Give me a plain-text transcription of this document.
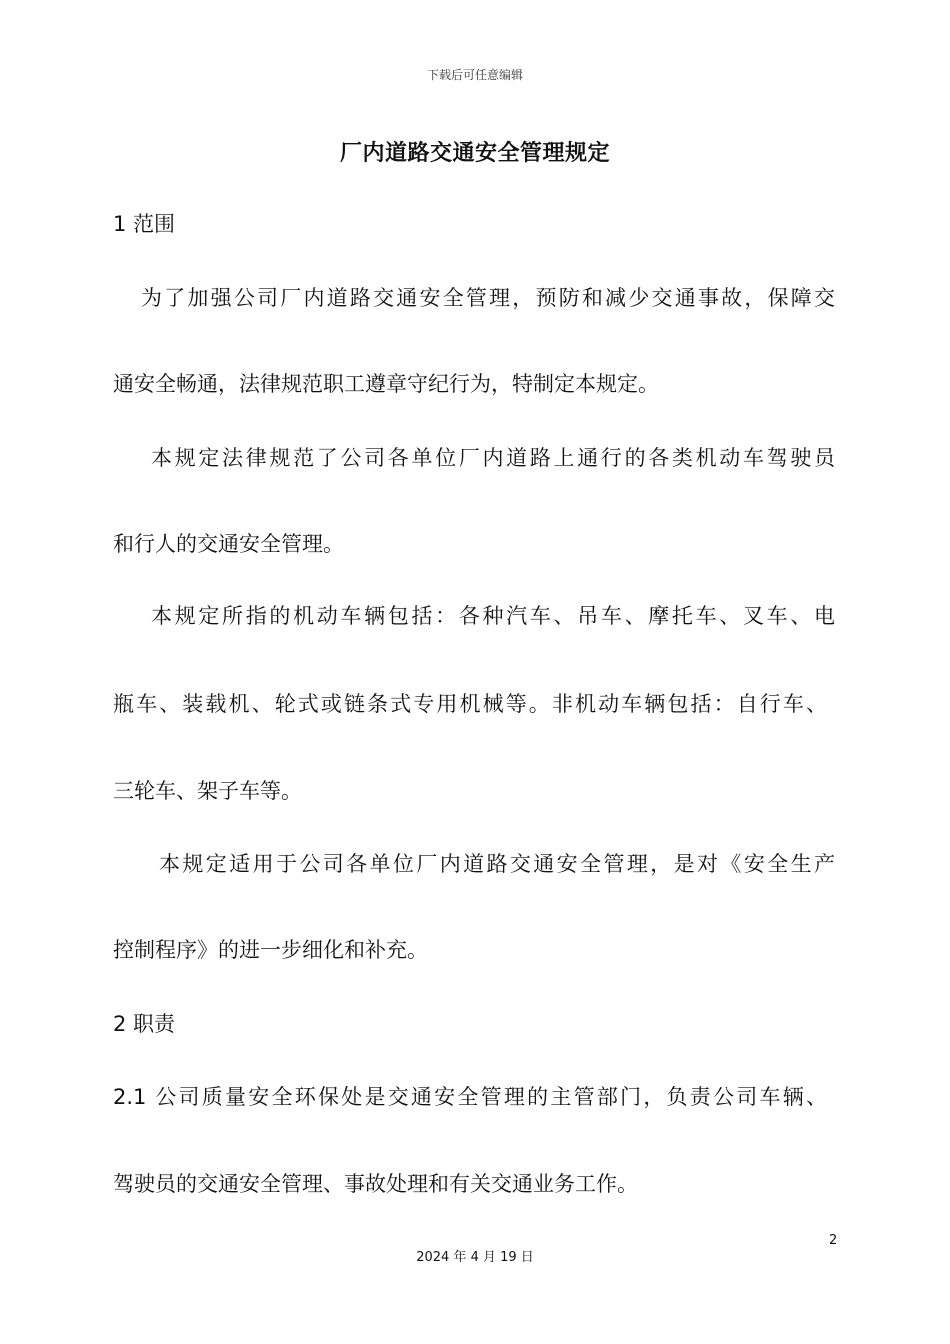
下载后可任意编辑
厂内道路交通安全管理规定
1 范围
为了加强公司厂内道路交通安全管理，预防和减少交通事故，保障交
通安全畅通，法律规范职工遵章守纪行为，特制定本规定。
本规定法律规范了公司各单位厂内道路上通行的各类机动车驾驶员
和行人的交通安全管理。
本规定所指的机动车辆包括：各种汽车、吊车、摩托车、叉车、电
瓶车、装载机、轮式或链条式专用机械等。非机动车辆包括：自行车、
三轮车、架子车等。
本规定适用于公司各单位厂内道路交通安全管理，是对《安全生产
控制程序》的进一步细化和补充。
2 职责
2.1 公司质量安全环保处是交通安全管理的主管部门，负责公司车辆、
驾驶员的交通安全管理、事故处理和有关交通业务工作。
2
2024 年 4 月 19 日
